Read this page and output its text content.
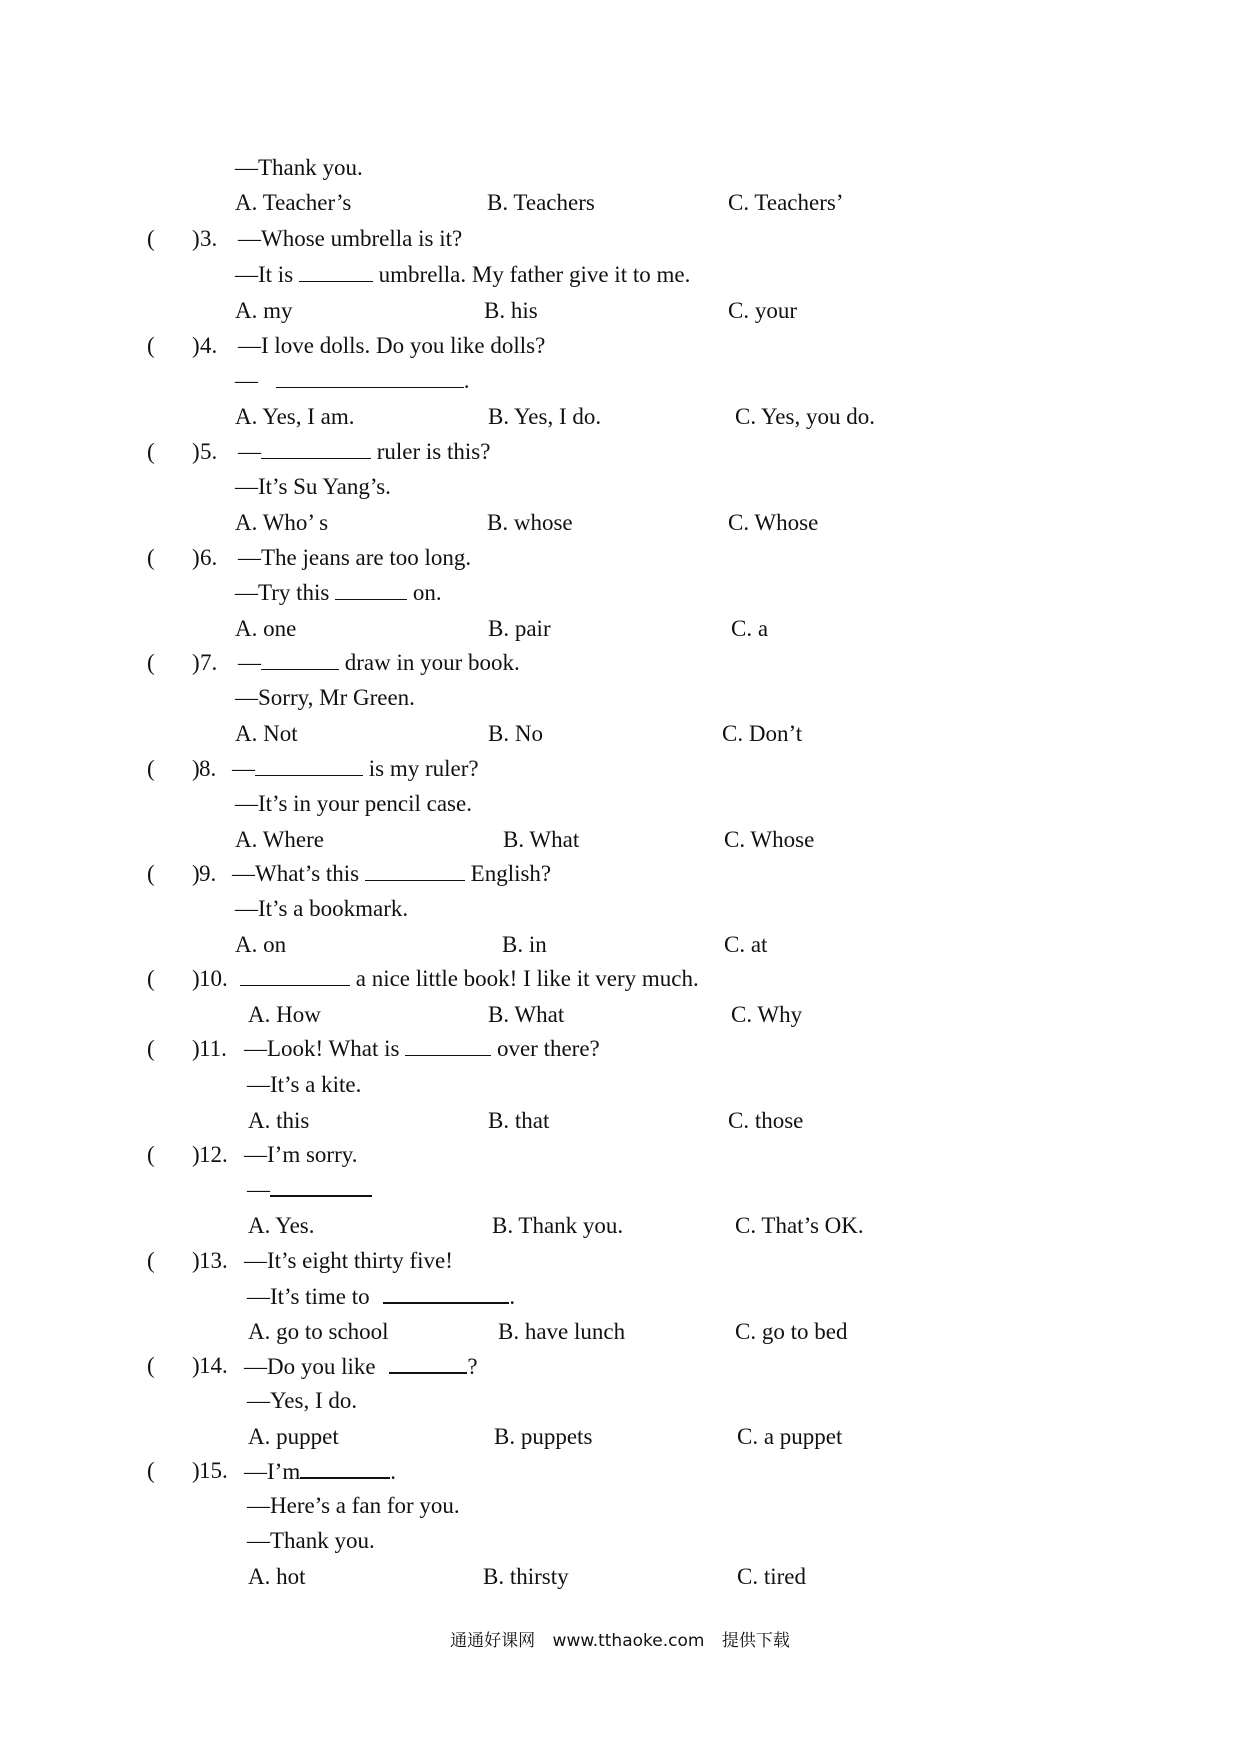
—Thank you.
A. Teacher’s	B. Teachers	C. Teachers’
( ) 3. —Whose umbrella is it?
—It is	umbrella. My father give it to me.
A. my	B. his	C. your
( ) 4. —I love dolls. Do you like dolls?
—	.
A. Yes, I am.	B. Yes, I do.	C. Yes, you do.
( ) 5. —	ruler is this?
—It’s Su Yang’s.
A. Who’ s	B. whose	C. Whose
( ) 6. —The jeans are too long.
—Try this	on.
A. one	B. pair	C. a
( ) 7. —	draw in your book.
—Sorry, Mr Green.
A. Not	B. No	C. Don’t
( ) 8. —	is my ruler?
—It’s in your pencil case.
A. Where	B. What	C. Whose
( ) 9. —What’s this	English?
—It’s a bookmark.
A. on	B. in	C. at
( ) 10.	a nice little book! I like it very much.
A. How	B. What	C. Why
( ) 11. —Look! What is	over there?
—It’s a kite.
A. this	B. that	C. those
( ) 12. —I’m sorry.
—
A. Yes.	B. Thank you.	C. That’s OK.
( ) 13. —It’s eight thirty five!
—It’s time to	.
A. go to school	B. have lunch	C. go to bed
( ) 14. —Do you like	?
—Yes, I do.
A. puppet	B. puppets	C. a puppet
( ) 15. —I’m	.
—Here’s a fan for you.
—Thank you.
A. hot	B. thirsty	C. tired
通通好课网 www.tthaoke.com 提供下载
